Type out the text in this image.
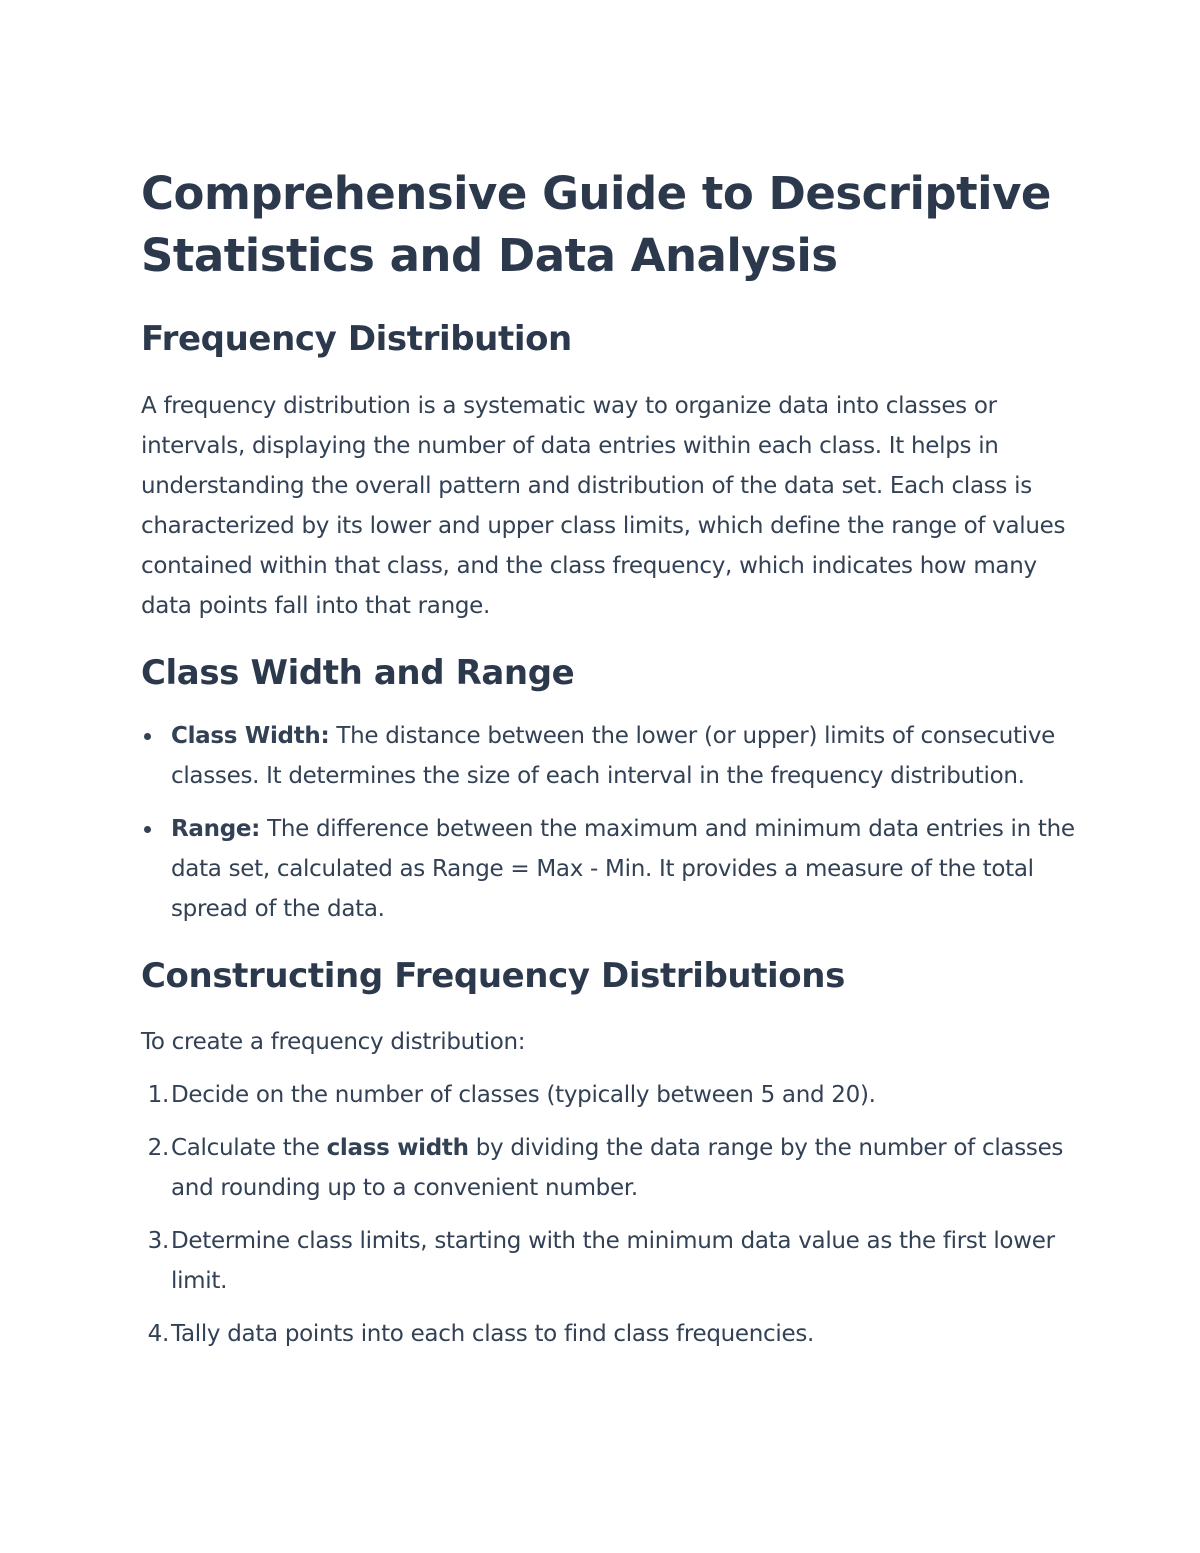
Comprehensive Guide to Descriptive Statistics and Data Analysis
Frequency Distribution

A frequency distribution is a systematic way to organize data into classes or intervals, displaying the number of data entries within each class. It helps in understanding the overall pattern and distribution of the data set. Each class is characterized by its lower and upper class limits, which define the range of values contained within that class, and the class frequency, which indicates how many data points fall into that range.

Class Width and Range
Class Width: The distance between the lower (or upper) limits of consecutive classes. It determines the size of each interval in the frequency distribution.
Range: The difference between the maximum and minimum data entries in the data set, calculated as Range = Max - Min. It provides a measure of the total spread of the data.
Constructing Frequency Distributions

To create a frequency distribution:

1. Decide on the number of classes (typically between 5 and 20).
2. Calculate the class width by dividing the data range by the number of classes and rounding up to a convenient number.
3. Determine class limits, starting with the minimum data value as the first lower limit.
4. Tally data points into each class to find class frequencies.
